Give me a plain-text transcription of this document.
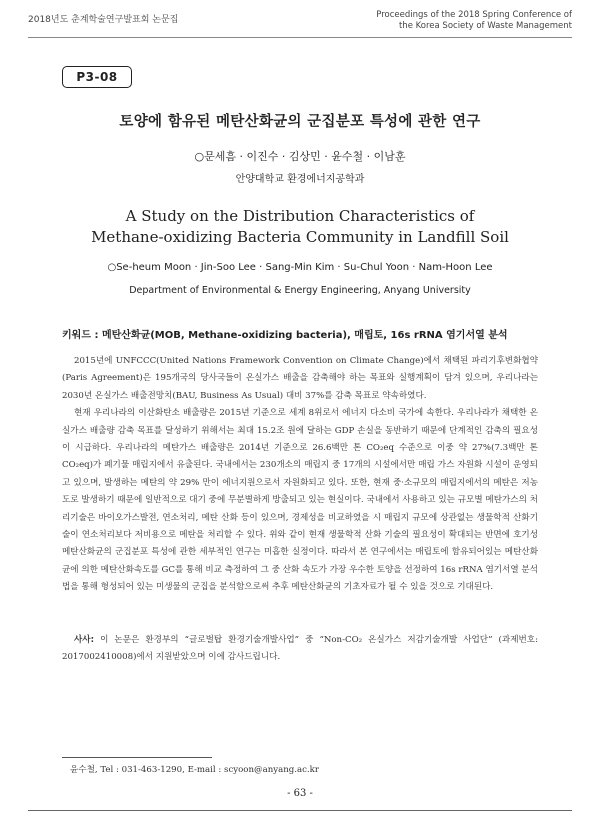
2018년도 춘계학술연구발표회 논문집	Proceedings of the 2018 Spring Conference of
the Korea Society of Waste Management
P3-08
토양에 함유된 메탄산화균의 군집분포 특성에 관한 연구
○문세흠 · 이진수 · 김상민 · 윤수철 · 이남훈
안양대학교 환경에너지공학과
A Study on the Distribution Characteristics of
Methane-oxidizing Bacteria Community in Landfill Soil
○Se-heum Moon · Jin-Soo Lee · Sang-Min Kim · Su-Chul Yoon · Nam-Hoon Lee
Department of Environmental & Energy Engineering, Anyang University
키워드 : 메탄산화균(MOB, Methane-oxidizing bacteria), 매립토, 16s rRNA 염기서열 분석

2015년에 UNFCCC(United Nations Framework Convention on Climate Change)에서 채택된 파리기후변화협약(Paris Agreement)은 195개국의 당사국들이 온실가스 배출을 감축해야 하는 목표와 실행계획이 담겨 있으며, 우리나라는 2030년 온실가스 배출전망치(BAU, Business As Usual) 대비 37%를 감축 목표로 약속하였다.

현재 우리나라의 이산화탄소 배출량은 2015년 기준으로 세계 8위로서 에너지 다소비 국가에 속한다. 우리나라가 채택한 온실가스 배출량 감축 목표를 달성하기 위해서는 최대 15.2조 원에 달하는 GDP 손실을 동반하기 때문에 단계적인 감축의 필요성이 시급하다. 우리나라의 메탄가스 배출량은 2014년 기준으로 26.6백만 톤 CO₂eq 수준으로 이중 약 27%(7.3백만 톤 CO₂eq)가 폐기물 매립지에서 유출된다. 국내에서는 230개소의 매립지 중 17개의 시설에서만 매립 가스 자원화 시설이 운영되고 있으며, 발생하는 메탄의 약 29% 만이 에너지원으로서 자원화되고 있다. 또한, 현재 중·소규모의 매립지에서의 메탄은 저농도로 발생하기 때문에 일반적으로 대기 중에 무분별하게 방출되고 있는 현실이다. 국내에서 사용하고 있는 규모별 메탄가스의 처리기술은 바이오가스발전, 연소처리, 메탄 산화 등이 있으며, 경제성을 비교하였을 시 매립지 규모에 상관없는 생물학적 산화기술이 연소처리보다 저비용으로 메탄을 처리할 수 있다. 위와 같이 현재 생물학적 산화 기술의 필요성이 확대되는 반면에 호기성 메탄산화균의 군집분포 특성에 관한 세부적인 연구는 미흡한 실정이다. 따라서 본 연구에서는 매립토에 함유되어있는 메탄산화균에 의한 메탄산화속도를 GC를 통해 비교 측정하여 그 중 산화 속도가 가장 우수한 토양을 선정하여 16s rRNA 염기서열 분석법을 통해 형성되어 있는 미생물의 군집을 분석함으로써 추후 메탄산화균의 기초자료가 될 수 있을 것으로 기대된다.

사사: 이 논문은 환경부의 “글로벌탑 환경기술개발사업” 중 “Non-CO₂ 온실가스 저감기술개발 사업단” (과제번호: 2017002410008)에서 지원받았으며 이에 감사드립니다.

윤수철, Tel : 031-463-1290, E-mail : scyoon@anyang.ac.kr
- 63 -
